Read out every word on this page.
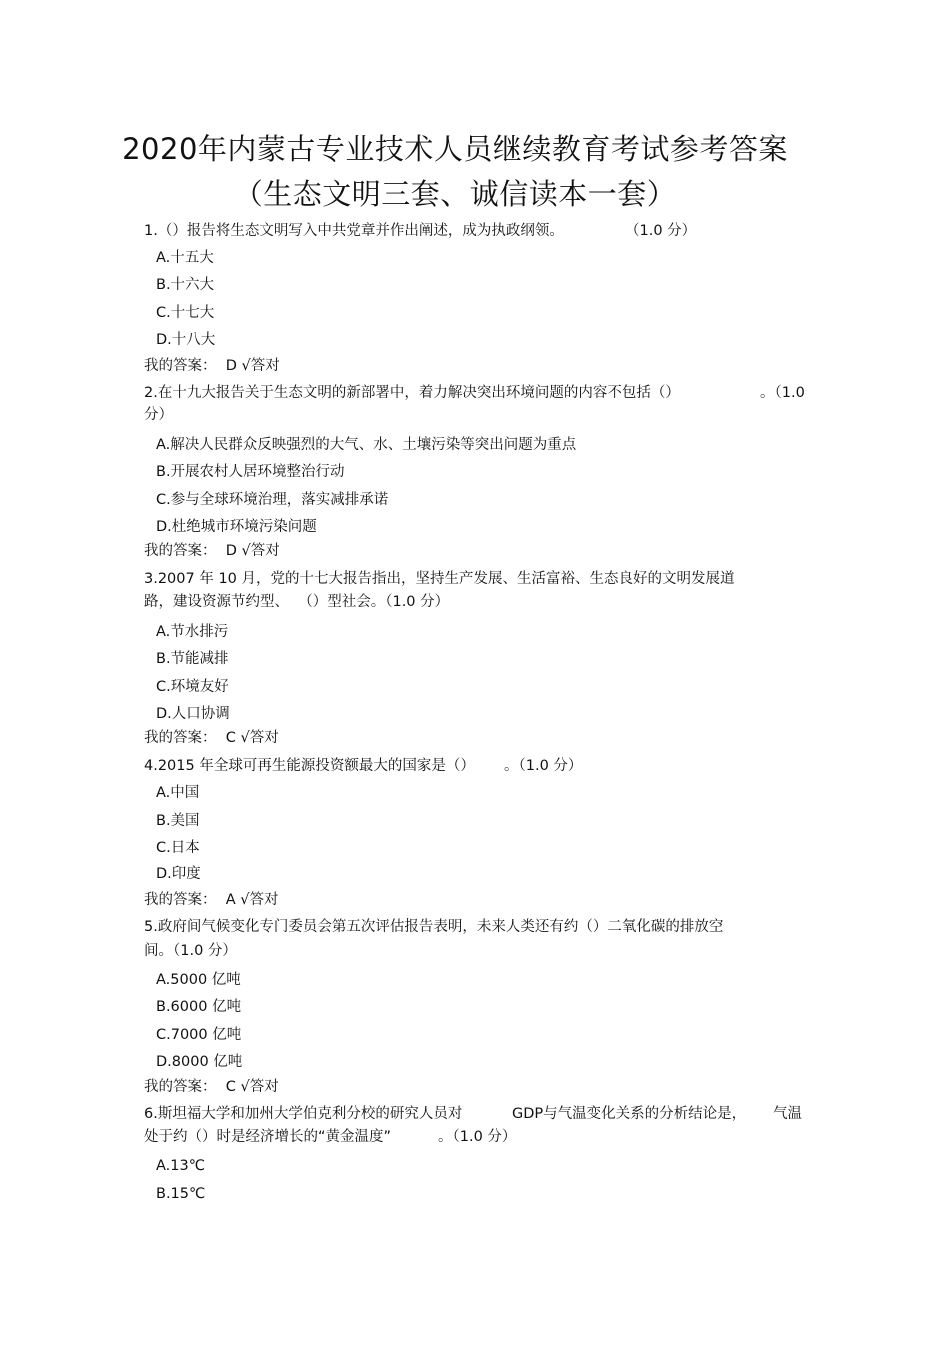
2020年内蒙古专业技术人员继续教育考试参考答案
（生态文明三套、诚信读本一套）
1.（）报告将生态文明写入中共党章并作出阐述，成为执政纲领。	（1.0 分）
A.十五大
B.十六大
C.十七大
D.十八大
我的答案：  D √答对
2.在十九大报告关于生态文明的新部署中，着力解决突出环境问题的内容不包括（）	。（1.0
分）
A.解决人民群众反映强烈的大气、水、土壤污染等突出问题为重点
B.开展农村人居环境整治行动
C.参与全球环境治理，落实减排承诺
D.杜绝城市环境污染问题
我的答案：  D √答对
3.2007 年 10 月，党的十七大报告指出，坚持生产发展、生活富裕、生态良好的文明发展道
路，建设资源节约型、  （）型社会。（1.0 分）
A.节水排污
B.节能减排
C.环境友好
D.人口协调
我的答案：  C √答对
4.2015 年全球可再生能源投资额最大的国家是（） 。（1.0 分）
A.中国
B.美国
C.日本
D.印度
我的答案：  A √答对
5.政府间气候变化专门委员会第五次评估报告表明，未来人类还有约（）二氧化碳的排放空
间。（1.0 分）
A.5000 亿吨
B.6000 亿吨
C.7000 亿吨
D.8000 亿吨
我的答案：  C √答对
6.斯坦福大学和加州大学伯克利分校的研究人员对	GDP与气温变化关系的分析结论是， 气温
处于约（）时是经济增长的“黄金温度”	。（1.0 分）
A.13℃
B.15℃
